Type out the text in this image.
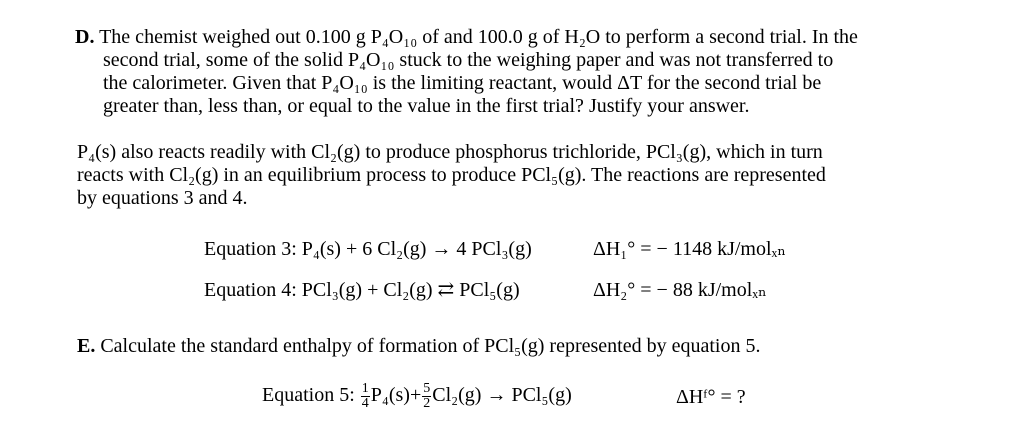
D. The chemist weighed out 0.100 g P₄O₁₀ of and 100.0 g of H₂O to perform a second trial. In the
second trial, some of the solid P₄O₁₀ stuck to the weighing paper and was not transferred to
the calorimeter. Given that P₄O₁₀ is the limiting reactant, would ΔT for the second trial be
greater than, less than, or equal to the value in the first trial? Justify your answer.
P₄(s) also reacts readily with Cl₂(g) to produce phosphorus trichloride, PCl₃(g), which in turn
reacts with Cl₂(g) in an equilibrium process to produce PCl₅(g). The reactions are represented
by equations 3 and 4.
Equation 3: P₄(s) + 6 Cl₂(g) → 4 PCl₃(g)	ΔH₁° = − 1148 kJ/molₓₙ
Equation 4: PCl₃(g) + Cl₂(g) ⇄ PCl₅(g)	ΔH₂° = − 88 kJ/molₓₙ
E. Calculate the standard enthalpy of formation of PCl₅(g) represented by equation 5.
Equation 5: $\frac{1}{4} P_4(s)+ \frac{5}{2} Cl_2(g) \to PCl_5(g)$	ΔHᶠ° = ?
